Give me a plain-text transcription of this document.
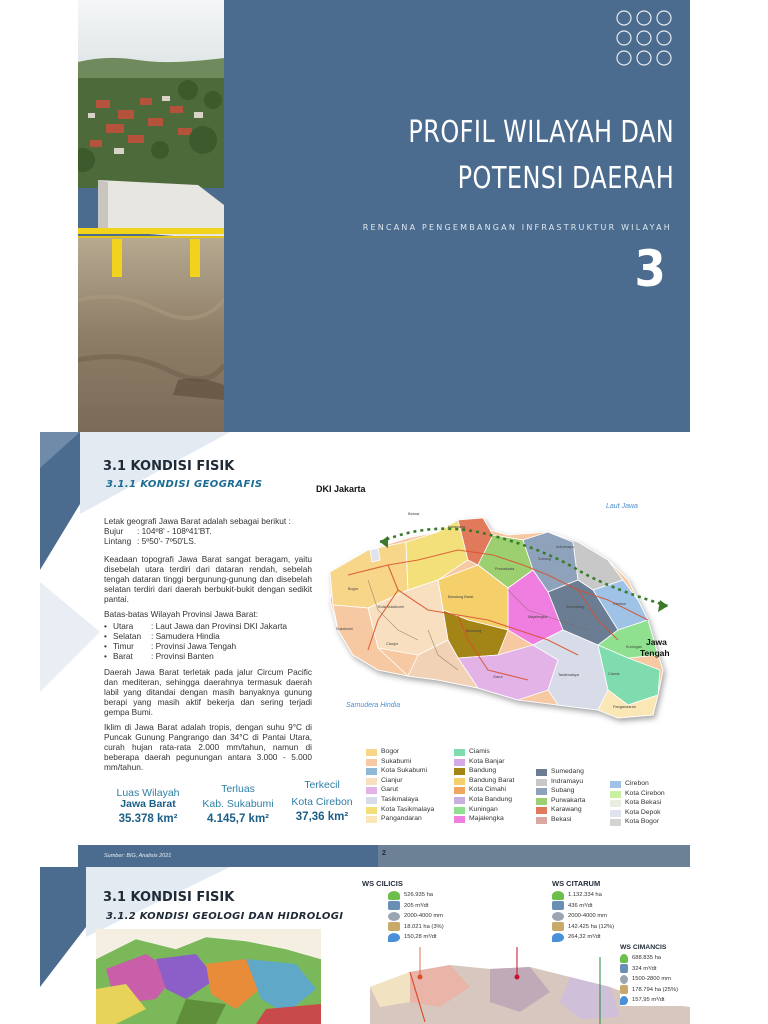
PROFIL WILAYAH DAN
POTENSI DAERAH
RENCANA PENGEMBANGAN INFRASTRUKTUR WILAYAH
3
3.1 KONDISI FISIK
3.1.1 KONDISI GEOGRAFIS

Letak geografi Jawa Barat adalah sebagai berikut :

Bujur	: 104º8' - 108º41'BT.
Lintang : 5º50'- 7º50'LS.

Keadaan topografi Jawa Barat sangat beragam, yaitu disebelah utara terdiri dari dataran rendah, sebelah tengah dataran tinggi bergunung-gunung dan disebelah selatan terdiri dari daerah berbukit-bukit dengan sedikit pantai.

Batas-batas Wilayah Provinsi Jawa Barat:

• Utara	: Laut Jawa dan Provinsi DKI Jakarta
• Selatan	: Samudera Hindia
• Timur	: Provinsi Jawa Tengah
• Barat	: Provinsi Banten

Daerah Jawa Barat terletak pada jalur Circum Pacific dan mediteran, sehingga daerahnya termasuk daerah labil yang ditandai dengan masih banyaknya gunung berapi yang masih aktif bekerja dan sering terjadi gempa Bumi.

Iklim di Jawa Barat adalah tropis, dengan suhu 9°C di Puncak Gunung Pangrango dan 34°C di Pantai Utara, curah hujan rata-rata 2.000 mm/tahun, namun di beberapa daerah pegunungan antara 3.000 - 5.000 mm/tahun.

Luas Wilayah
Jawa Barat
35.378 km²
Terluas
Kab. Sukabumi
4.145,7 km²
Terkecil
Kota Cirebon
37,36 km²
DKI Jakarta
Laut Jawa
Jawa
Tengah
Samudera Hindia
Bekasi
Karawang
Indramayu
Subang
Purwakarta
Bogor
Cianjur
Sukabumi	Bandung
Bandung Barat
Sumedang
Majalengka
Cirebon
Kuningan
Ciamis
Garut	Tasikmalaya
Pangandaran
Kota Sukabumi
Bogor
Sukabumi
Kota Sukabumi
Cianjur
Garut
Tasikmalaya
Kota Tasikmalaya
Pangandaran
Ciamis
Kota Banjar
Bandung
Bandung Barat
Kota Cimahi
Kota Bandung
Kuningan
Majalengka
Sumedang
Indramayu
Subang
Purwakarta
Karawang
Bekasi
Cirebon
Kota Cirebon
Kota Bekasi
Kota Depok
Kota Bogor
Sumber: BIG, Analisis 2021	2
3.1 KONDISI FISIK
3.1.2 KONDISI GEOLOGI DAN HIDROLOGI
WS CILICIS
526.935 ha
205 m³/dt
2000-4000 mm
18.021 ha (3%)
150,28 m³/dt
WS CITARUM
1.132.334 ha
436 m³/dt
2000-4000 mm
142.425 ha (12%)
264,32 m³/dt
WS CIMANCIS
688.835 ha
324 m³/dt
1500-2800 mm
178.794 ha (25%)
157,95 m³/dt
